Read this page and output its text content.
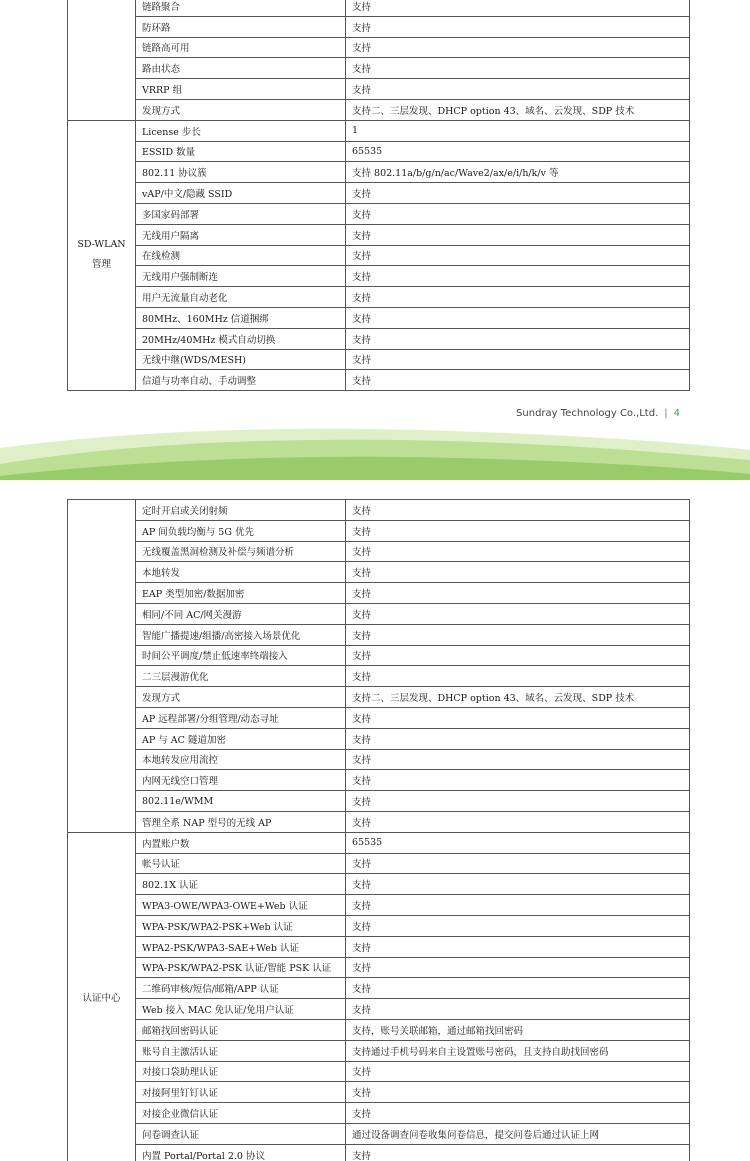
	链路聚合	支持
	防环路	支持
	链路高可用	支持
	路由状态	支持
	VRRP 组	支持
	发现方式	支持二、三层发现、DHCP option 43、域名、云发现、SDP 技术
SD-WLAN
管理	License 步长	1
	ESSID 数量	65535
	802.11 协议簇	支持 802.11a/b/g/n/ac/Wave2/ax/e/i/h/k/v 等
	vAP/中文/隐藏 SSID	支持
	多国家码部署	支持
	无线用户隔离	支持
	在线检测	支持
	无线用户强制断连	支持
	用户无流量自动老化	支持
	80MHz、160MHz 信道捆绑	支持
	20MHz/40MHz 模式自动切换	支持
	无线中继(WDS/MESH)	支持
	信道与功率自动、手动调整	支持
Sundray Technology Co.,Ltd. | 4
	定时开启或关闭射频	支持
	AP 间负载均衡与 5G 优先	支持
	无线覆盖黑洞检测及补偿与频谱分析	支持
	本地转发	支持
	EAP 类型加密/数据加密	支持
	相同/不同 AC/网关漫游	支持
	智能广播提速/组播/高密接入场景优化	支持
	时间公平调度/禁止低速率终端接入	支持
	二三层漫游优化	支持
	发现方式	支持二、三层发现、DHCP option 43、域名、云发现、SDP 技术
	AP 远程部署/分组管理/动态寻址	支持
	AP 与 AC 隧道加密	支持
	本地转发应用流控	支持
	内网无线空口管理	支持
	802.11e/WMM	支持
	管理全系 NAP 型号的无线 AP	支持
认证中心	内置账户数	65535
	帐号认证	支持
	802.1X 认证	支持
	WPA3-OWE/WPA3-OWE+Web 认证	支持
	WPA-PSK/WPA2-PSK+Web 认证	支持
	WPA2-PSK/WPA3-SAE+Web 认证	支持
	WPA-PSK/WPA2-PSK 认证/智能 PSK 认证	支持
	二维码审核/短信/邮箱/APP 认证	支持
	Web 接入 MAC 免认证/免用户认证	支持
	邮箱找回密码认证	支持，账号关联邮箱，通过邮箱找回密码
	账号自主激活认证	支持通过手机号码来自主设置账号密码，且支持自助找回密码
	对接口袋助理认证	支持
	对接阿里钉钉认证	支持
	对接企业微信认证	支持
	问卷调查认证	通过设备调查问卷收集问卷信息，提交问卷后通过认证上网
	内置 Portal/Portal 2.0 协议	支持
